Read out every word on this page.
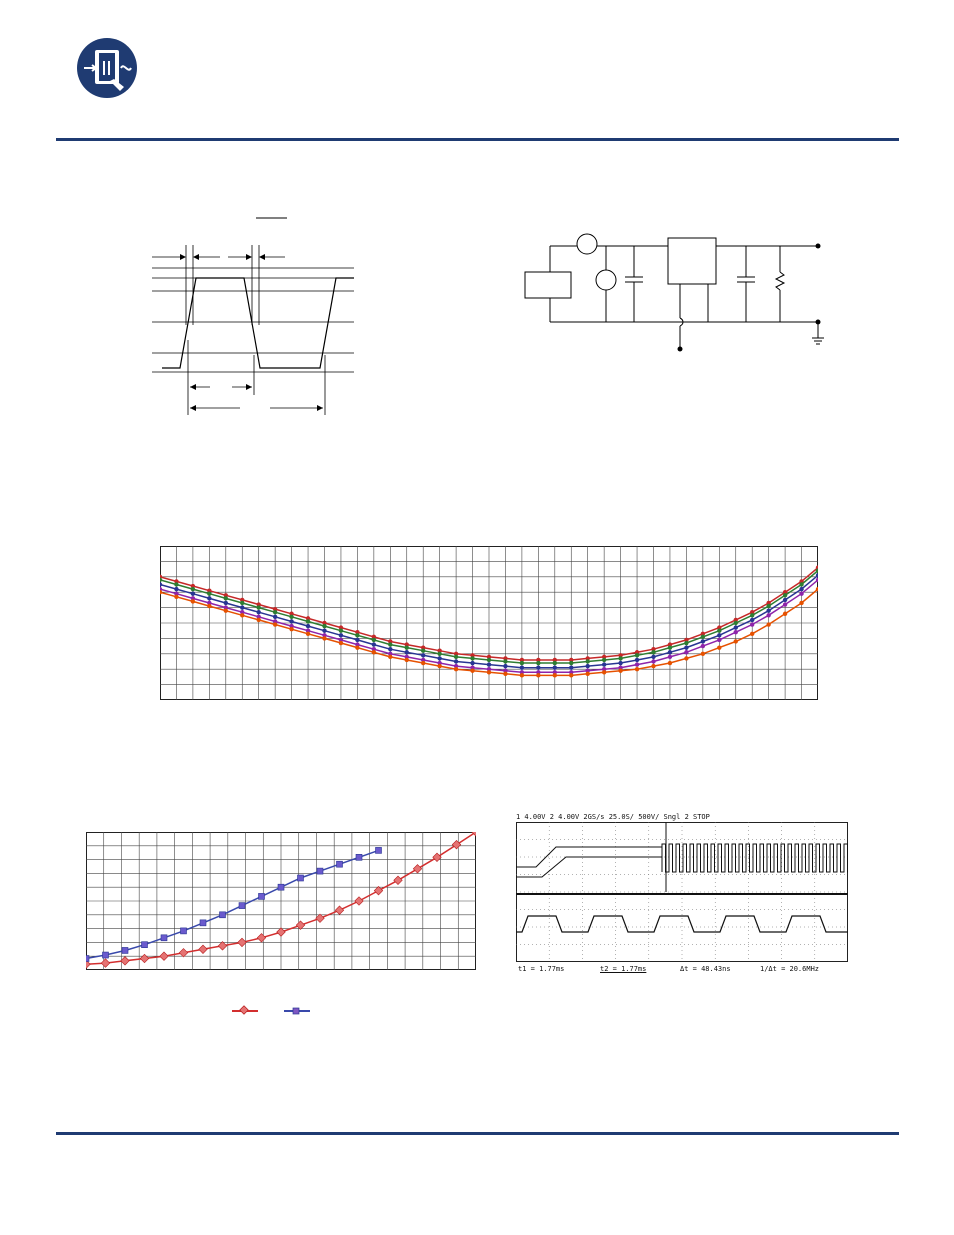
1 4.00V 2 4.00V 2GS/s 25.0S/ 500V/ Sngl 2 STOP
t1 = 1.77ms	t2 = 1.77ms	Δt = 48.43ns	1/Δt = 20.6MHz
